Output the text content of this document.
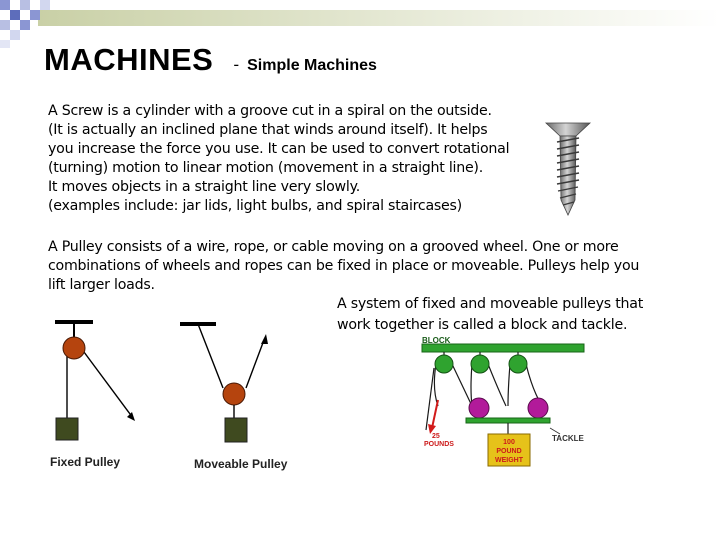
MACHINES - Simple Machines

A Screw is a cylinder with a groove cut in a spiral on the outside.
(It is actually an inclined plane that winds around itself). It helps
you increase the force you use. It can be used to convert rotational
(turning) motion to linear motion (movement in a straight line).
It moves objects in a straight line very slowly.
(examples include: jar lids, light bulbs, and spiral staircases)

A Pulley consists of a wire, rope, or cable moving on a grooved wheel. One or more
combinations of wheels and ropes can be fixed in place or moveable. Pulleys help you
lift larger loads.

A system of fixed and moveable pulleys that
work together is called a block and tackle.
Fixed Pulley	Moveable Pulley
BLOCK
TACKLE
25
POUNDS	100
POUND
WEIGHT
